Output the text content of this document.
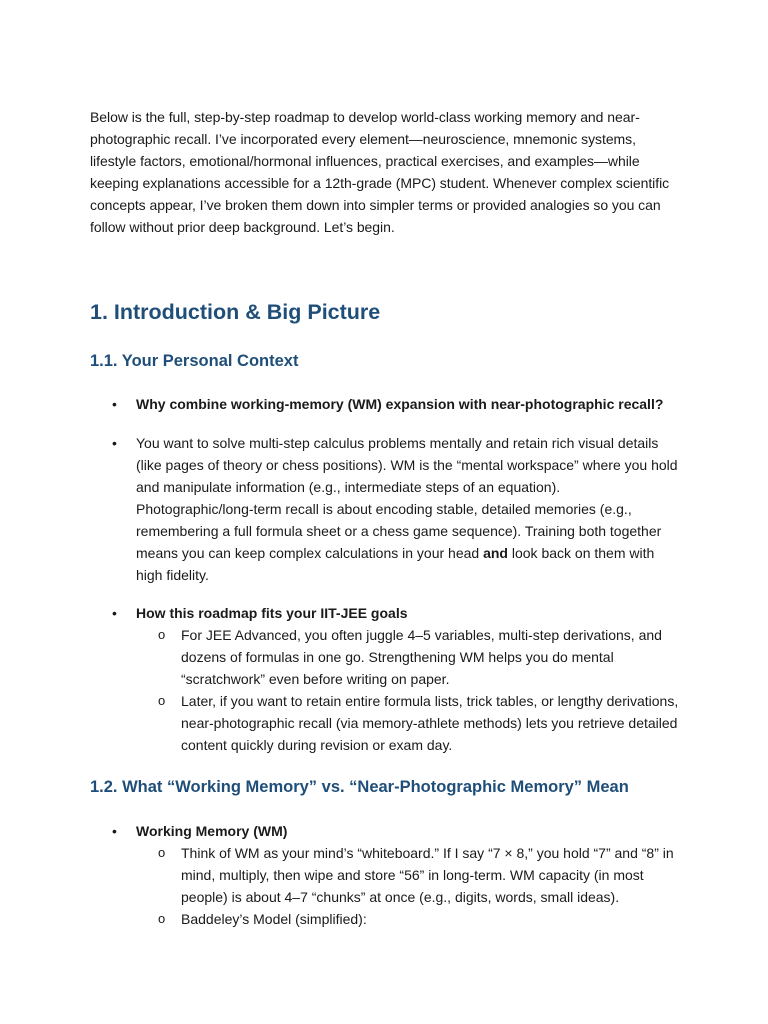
Below is the full, step-by-step roadmap to develop world-class working memory and near-photographic recall. I’ve incorporated every element—neuroscience, mnemonic systems, lifestyle factors, emotional/hormonal influences, practical exercises, and examples—while keeping explanations accessible for a 12th-grade (MPC) student. Whenever complex scientific concepts appear, I’ve broken them down into simpler terms or provided analogies so you can follow without prior deep background. Let’s begin.

1. Introduction & Big Picture
1.1. Your Personal Context
• Why combine working-memory (WM) expansion with near-photographic recall?
• You want to solve multi-step calculus problems mentally and retain rich visual details (like pages of theory or chess positions). WM is the “mental workspace” where you hold and manipulate information (e.g., intermediate steps of an equation). Photographic/long-term recall is about encoding stable, detailed memories (e.g., remembering a full formula sheet or a chess game sequence). Training both together means you can keep complex calculations in your head and look back on them with high fidelity.
• How this roadmap fits your IIT-JEE goals
o For JEE Advanced, you often juggle 4–5 variables, multi-step derivations, and dozens of formulas in one go. Strengthening WM helps you do mental “scratchwork” even before writing on paper.
o Later, if you want to retain entire formula lists, trick tables, or lengthy derivations, near-photographic recall (via memory-athlete methods) lets you retrieve detailed content quickly during revision or exam day.
1.2. What “Working Memory” vs. “Near-Photographic Memory” Mean
• Working Memory (WM)
o Think of WM as your mind’s “whiteboard.” If I say “7 × 8,” you hold “7” and “8” in mind, multiply, then wipe and store “56” in long-term. WM capacity (in most people) is about 4–7 “chunks” at once (e.g., digits, words, small ideas).
o Baddeley’s Model (simplified):
